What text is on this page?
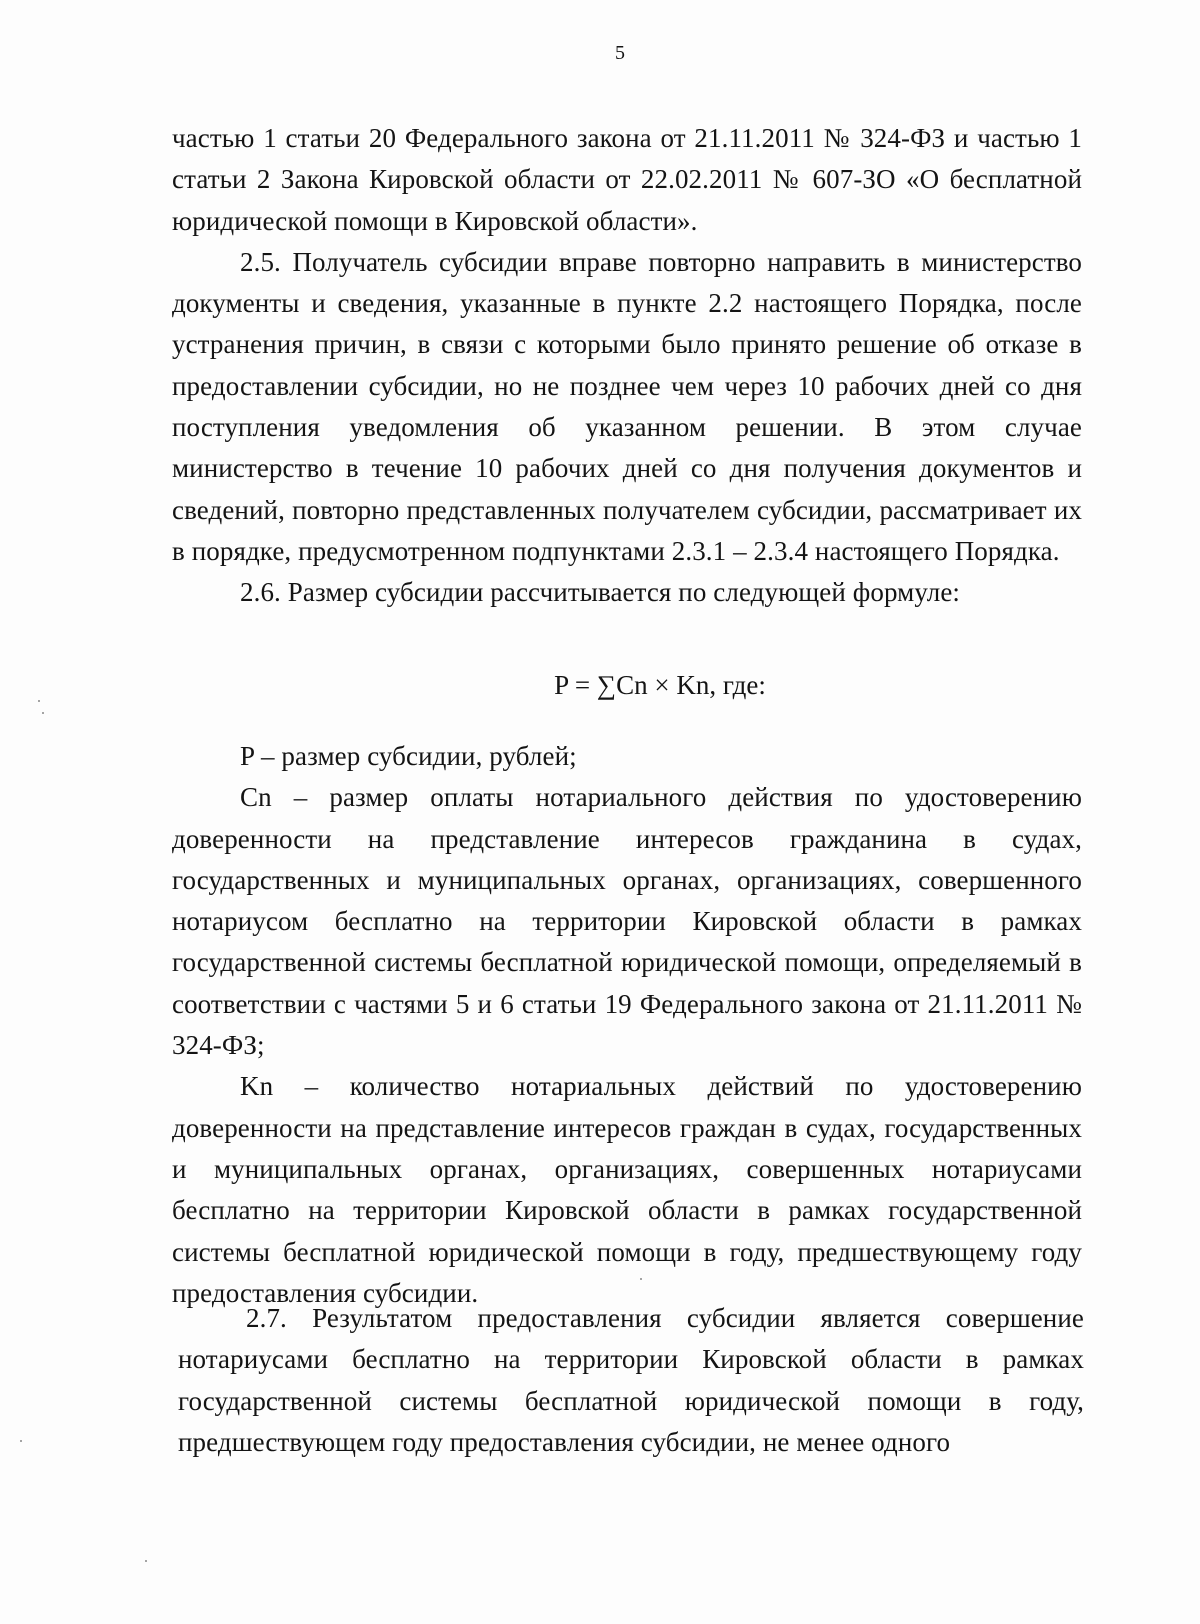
5

частью 1 статьи 20 Федерального закона от 21.11.2011 № 324-ФЗ и частью 1 статьи 2 Закона Кировской области от 22.02.2011 № 607-ЗО «О бесплатной юридической помощи в Кировской области».

2.5. Получатель субсидии вправе повторно направить в министерство документы и сведения, указанные в пункте 2.2 настоящего Порядка, после устранения причин, в связи с которыми было принято решение об отказе в предоставлении субсидии, но не позднее чем через 10 рабочих дней со дня поступления уведомления об указанном решении. В этом случае министерство в течение 10 рабочих дней со дня получения документов и сведений, повторно представленных получателем субсидии, рассматривает их в порядке, предусмотренном подпунктами 2.3.1 – 2.3.4 настоящего Порядка.

2.6. Размер субсидии рассчитывается по следующей формуле:

P = ∑Cn × Kn, где:

P – размер субсидии, рублей;

Cn – размер оплаты нотариального действия по удостоверению доверенности на представление интересов гражданина в судах, государственных и муниципальных органах, организациях, совершенного нотариусом бесплатно на территории Кировской области в рамках государственной системы бесплатной юридической помощи, определяемый в соответствии с частями 5 и 6 статьи 19 Федерального закона от 21.11.2011 № 324-ФЗ;

Kn – количество нотариальных действий по удостоверению доверенности на представление интересов граждан в судах, государственных и муниципальных органах, организациях, совершенных нотариусами бесплатно на территории Кировской области в рамках государственной системы бесплатной юридической помощи в году, предшествующему году предоставления субсидии.

2.7. Результатом предоставления субсидии является совершение нотариусами бесплатно на территории Кировской области в рамках государственной системы бесплатной юридической помощи в году, предшествующем году предоставления субсидии, не менее одного
